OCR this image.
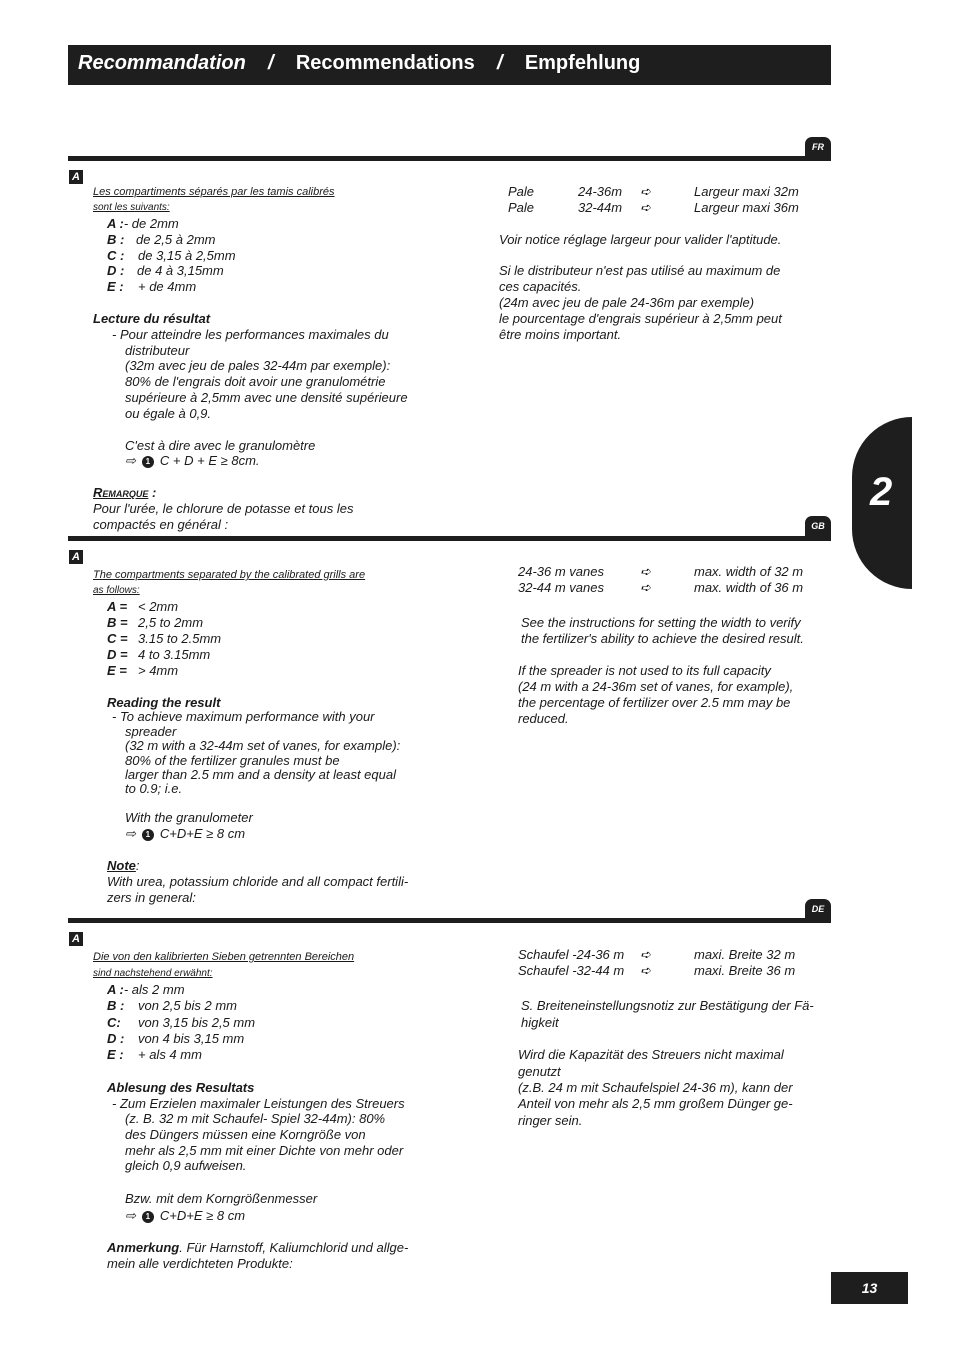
Recommandation / Recommendations / Empfehlung
2
FR
A
Les compartiments séparés par les tamis calibrés
sont les suivants:
A :- de 2mm
B : de 2,5 à 2mm
C : de 3,15 à 2,5mm
D : de 4 à 3,15mm
E : + de 4mm
Lecture du résultat
- Pour atteindre les performances maximales du
distributeur
(32m avec jeu de pales 32-44m par exemple):
80% de l'engrais doit avoir une granulométrie
supérieure à 2,5mm avec une densité supérieure
ou égale à 0,9.
C'est à dire avec le granulomètre
⇨ 1 C + D + E ≥ 8cm.
Remarque :
Pour l'urée, le chlorure de potasse et tous les
compactés en général :
Pale	24-36m ➪	Largeur maxi 32m
Pale	32-44m ➪	Largeur maxi 36m
Voir notice réglage largeur pour valider l'aptitude.
Si le distributeur n'est pas utilisé au maximum de
ces capacités.
(24m avec jeu de pale 24-36m par exemple)
le pourcentage d'engrais supérieur à 2,5mm peut
être moins important.
GB
A
The compartments separated by the calibrated grills are
as follows:
A = < 2mm
B = 2,5 to 2mm
C = 3.15 to 2.5mm
D = 4 to 3.15mm
E = > 4mm
Reading the result
- To achieve maximum performance with your
spreader
(32 m with a 32-44m set of vanes, for example):
80% of the fertilizer granules must be
larger than 2.5 mm and a density at least equal
to 0.9; i.e.
With the granulometer
⇨ 1 C+D+E ≥ 8 cm
Note:
With urea, potassium chloride and all compact fertili-
zers in general:
24-36 m vanes	➪	max. width of 32 m
32-44 m vanes	➪	max. width of 36 m
See the instructions for setting the width to verify
the fertilizer's ability to achieve the desired result.
If the spreader is not used to its full capacity
(24 m with a 24-36m set of vanes, for example),
the percentage of fertilizer over 2.5 mm may be
reduced.
DE
A
Die von den kalibrierten Sieben getrennten Bereichen
sind nachstehend erwähnt:
A :- als 2 mm
B : von 2,5 bis 2 mm
C: von 3,15 bis 2,5 mm
D : von 4 bis 3,15 mm
E : + als 4 mm
Ablesung des Resultats
- Zum Erzielen maximaler Leistungen des Streuers
(z. B. 32 m mit Schaufel- Spiel 32-44m): 80%
des Düngers müssen eine Korngröße von
mehr als 2,5 mm mit einer Dichte von mehr oder
gleich 0,9 aufweisen.
Bzw. mit dem Korngrößenmesser
⇨ 1 C+D+E ≥ 8 cm
Anmerkung. Für Harnstoff, Kaliumchlorid und allge-
mein alle verdichteten Produkte:
Schaufel -24-36 m ➪	maxi. Breite 32 m
Schaufel -32-44 m ➪	maxi. Breite 36 m
S. Breiteneinstellungsnotiz zur Bestätigung der Fä-
higkeit
Wird die Kapazität des Streuers nicht maximal
genutzt
(z.B. 24 m mit Schaufelspiel 24-36 m), kann der
Anteil von mehr als 2,5 mm großem Dünger ge-
ringer sein.
13
